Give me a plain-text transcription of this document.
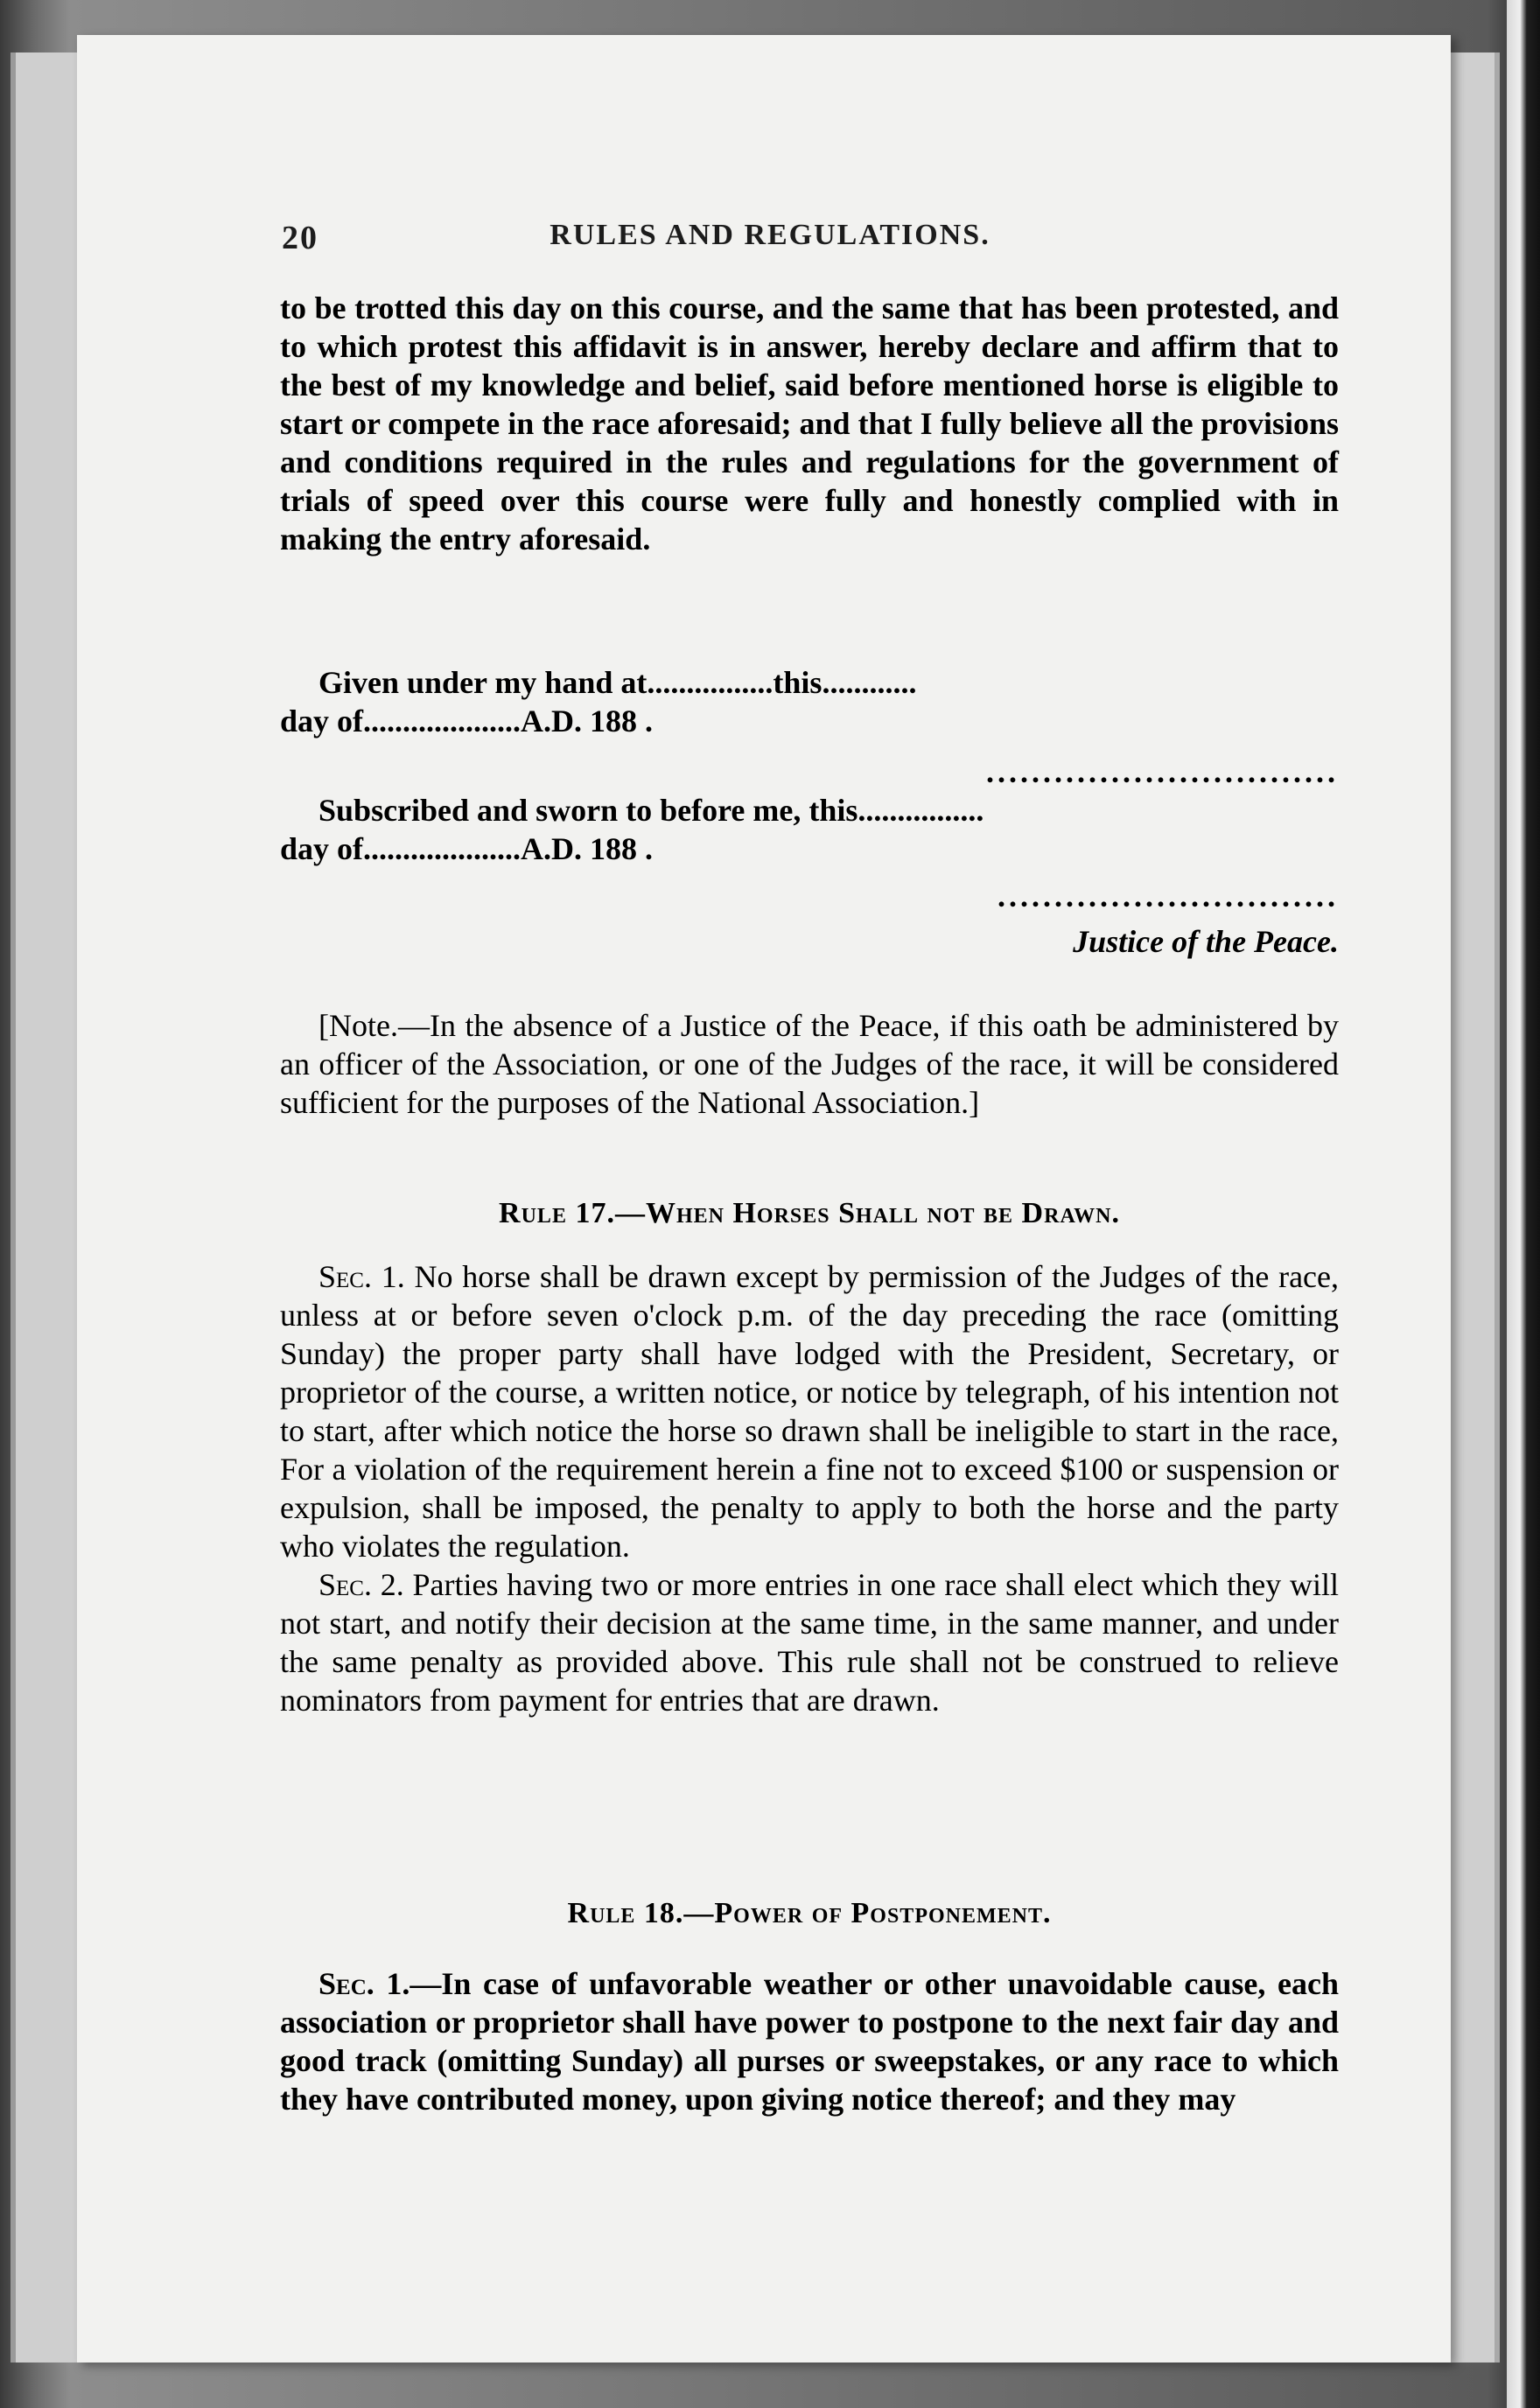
20	RULES AND REGULATIONS.

to be trotted this day on this course, and the same that has been protested, and to which protest this affidavit is in answer, hereby declare and affirm that to the best of my knowledge and belief, said before mentioned horse is eligible to start or compete in the race aforesaid; and that I fully believe all the provisions and conditions required in the rules and regulations for the government of trials of speed over this course were fully and honestly complied with in making the entry aforesaid.

Given under my hand at................this............
day of....................A.D. 188 .
...............................
Subscribed and sworn to before me, this................
day of....................A.D. 188 .
..............................
Justice of the Peace.

[Note.—In the absence of a Justice of the Peace, if this oath be administered by an officer of the Association, or one of the Judges of the race, it will be considered sufficient for the purposes of the National Association.]

Rule 17.—When Horses Shall not be Drawn.

Sec. 1. No horse shall be drawn except by permission of the Judges of the race, unless at or before seven o'clock p.m. of the day preceding the race (omitting Sunday) the proper party shall have lodged with the President, Secretary, or proprietor of the course, a written notice, or notice by telegraph, of his intention not to start, after which notice the horse so drawn shall be ineligible to start in the race, For a violation of the requirement herein a fine not to exceed $100 or suspension or expulsion, shall be imposed, the penalty to apply to both the horse and the party who violates the regulation.

Sec. 2. Parties having two or more entries in one race shall elect which they will not start, and notify their decision at the same time, in the same manner, and under the same penalty as provided above. This rule shall not be construed to relieve nominators from payment for entries that are drawn.

Rule 18.—Power of Postponement.

Sec. 1.—In case of unfavorable weather or other unavoidable cause, each association or proprietor shall have power to postpone to the next fair day and good track (omitting Sunday) all purses or sweepstakes, or any race to which they have contributed money, upon giving notice thereof; and they may
